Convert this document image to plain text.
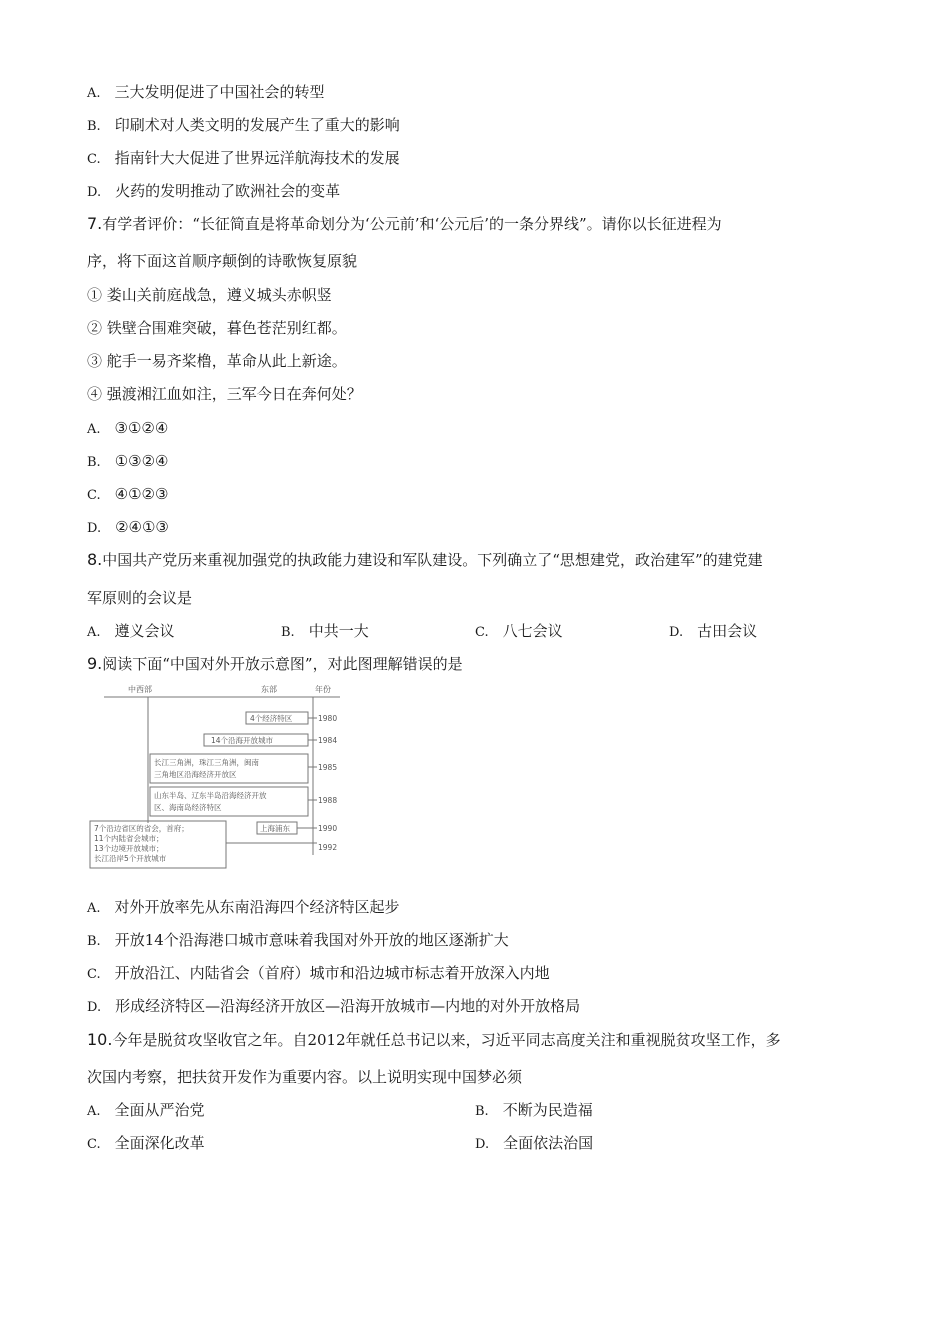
A. 三大发明促进了中国社会的转型
B. 印刷术对人类文明的发展产生了重大的影响
C. 指南针大大促进了世界远洋航海技术的发展
D. 火药的发明推动了欧洲社会的变革
7.有学者评价：“长征简直是将革命划分为‘公元前’和‘公元后’的一条分界线”。请你以长征进程为
序，将下面这首顺序颠倒的诗歌恢复原貌
① 娄山关前庭战急，遵义城头赤帜竖
② 铁壁合围难突破，暮色苍茫别红都。
③ 舵手一易齐桨橹，革命从此上新途。
④ 强渡湘江血如注，三军今日在奔何处？
A. ③①②④
B. ①③②④
C. ④①②③
D. ②④①③
8.中国共产党历来重视加强党的执政能力建设和军队建设。下列确立了“思想建党，政治建军”的建党建
军原则的会议是
A. 遵义会议	B. 中共一大	C. 八七会议	D. 古田会议
9.阅读下面“中国对外开放示意图”，对此图理解错误的是
中西部	东部	年份
4个经济特区
14个沿海开放城市
长江三角洲，珠江三角洲，闽南
三角地区沿海经济开放区
山东半岛、辽东半岛沿海经济开放
区、海南岛经济特区
上海浦东
7个沿边省区的省会，首府；
11个内陆省会城市；
13个边境开放城市；
长江沿岸5个开放城市
1980
1984
1985
1988
1990
1992
A. 对外开放率先从东南沿海四个经济特区起步
B. 开放14个沿海港口城市意味着我国对外开放的地区逐渐扩大
C. 开放沿江、内陆省会（首府）城市和沿边城市标志着开放深入内地
D. 形成经济特区—沿海经济开放区—沿海开放城市—内地的对外开放格局
10.今年是脱贫攻坚收官之年。自2012年就任总书记以来，习近平同志高度关注和重视脱贫攻坚工作，多
次国内考察，把扶贫开发作为重要内容。以上说明实现中国梦必须
A. 全面从严治党	B. 不断为民造福
C. 全面深化改革	D. 全面依法治国
